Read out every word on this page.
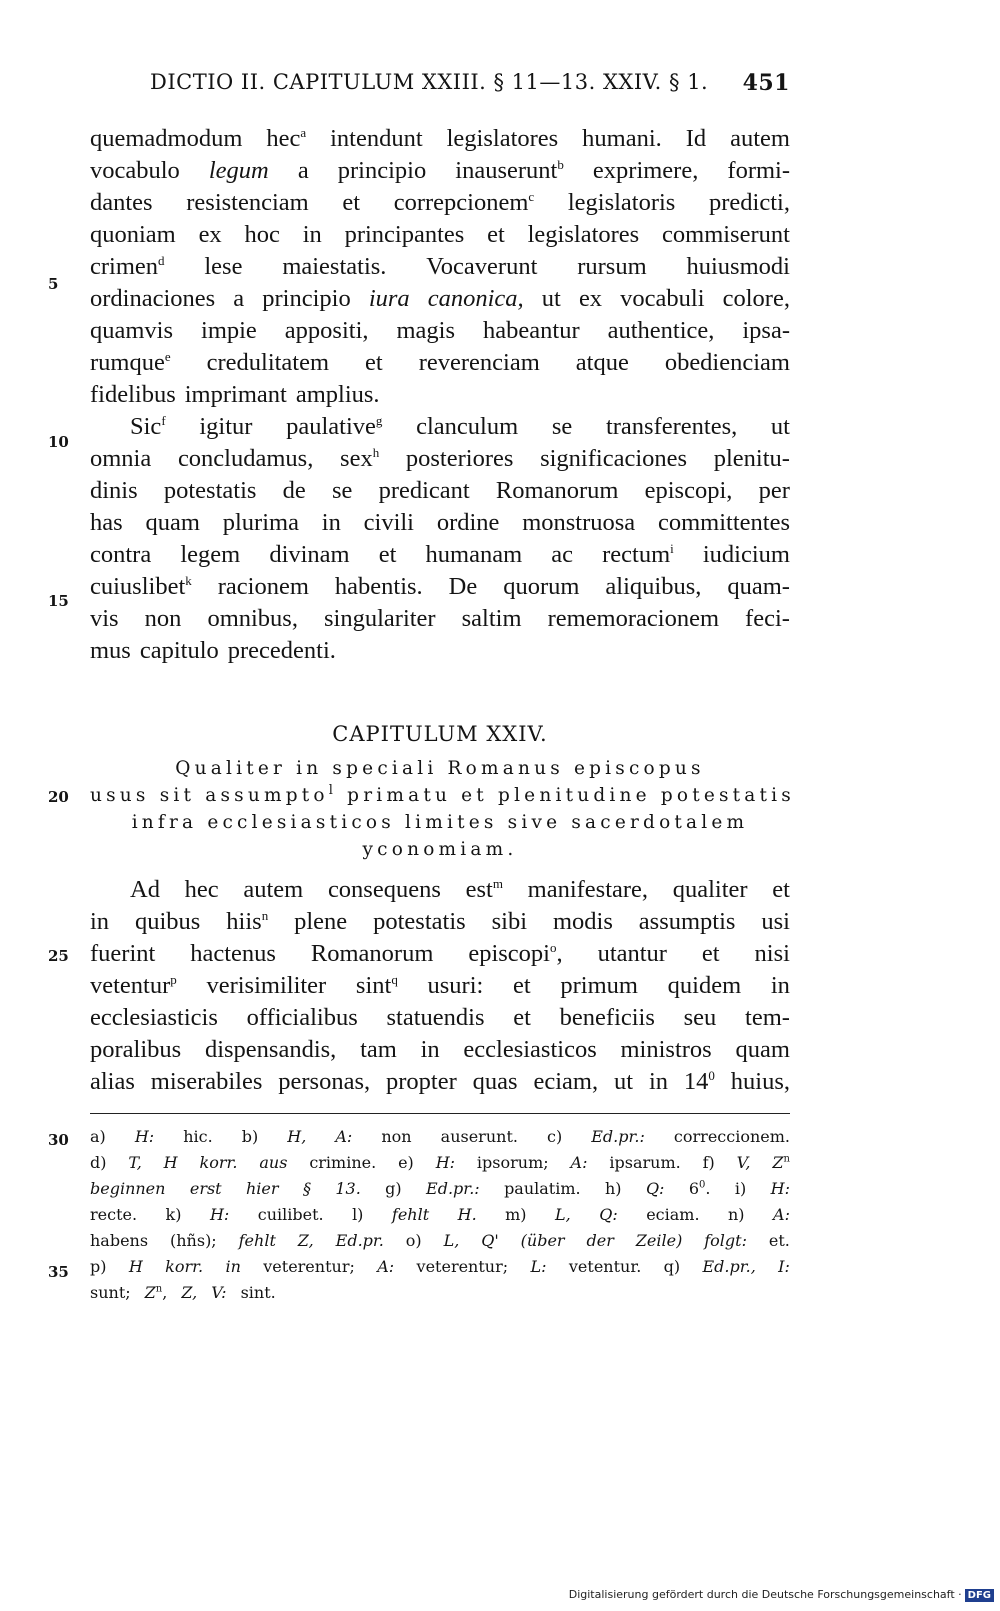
DICTIO II. CAPITULUM XXIII. § 11—13. XXIV. § 1. 451
5
10
15
20
25
30
35
quemadmodum hec$^a$ intendunt legislatores humani. Id autem
vocabulo legum a principio inauserunt$^b$ exprimere, formi-
dantes resistenciam et correpcionem$^c$ legislatoris predicti,
quoniam ex hoc in principantes et legislatores commiserunt
crimen$^d$ lese maiestatis. Vocaverunt rursum huiusmodi
ordinaciones a principio iura canonica, ut ex vocabuli colore,
quamvis impie appositi, magis habeantur authentice, ipsa-
rumque$^e$ credulitatem et reverenciam atque obedienciam
fidelibus imprimant amplius.
Sic$^f$ igitur paulative$^g$ clanculum se transferentes, ut
omnia concludamus, sex$^h$ posteriores significaciones plenitu-
dinis potestatis de se predicant Romanorum episcopi, per
has quam plurima in civili ordine monstruosa committentes
contra legem divinam et humanam ac rectum$^i$ iudicium
cuiuslibet$^k$ racionem habentis. De quorum aliquibus, quam-
vis non omnibus, singulariter saltim rememoracionem feci-
mus capitulo precedenti.
CAPITULUM XXIV.
Qualiter in speciali Romanus episcopus
usus sit assumpto$^l$ primatu et plenitudine potestatis
infra ecclesiasticos limites sive sacerdotalem
yconomiam.
Ad hec autem consequens est$^m$ manifestare, qualiter et
in quibus hiis$^n$ plene potestatis sibi modis assumptis usi
fuerint hactenus Romanorum episcopi$^o$, utantur et nisi
vetentur$^p$ verisimiliter sint$^q$ usuri: et primum quidem in
ecclesiasticis officialibus statuendis et beneficiis seu tem-
poralibus dispensandis, tam in ecclesiasticos ministros quam
alias miserabiles personas, propter quas eciam, ut in $14^0$ huius,
a) H: hic. b) H, A: non auserunt. c) Ed.pr.: correccionem.
d) T, H korr. aus crimine. e) H: ipsorum; A: ipsarum. f) V, $Z^n$
beginnen erst hier § 13. g) Ed.pr.: paulatim. h) Q: $6^0$. i) H:
recte. k) H: cuilibet. l) fehlt H. m) L, Q: eciam. n) A:
habens (hñs); fehlt Z, Ed.pr. o) L, Q' (über der Zeile) folgt: et.
p) H korr. in veterentur; A: veterentur; L: vetentur. q) Ed.pr., I:
sunt; $Z^n$, Z, V: sint.
Digitalisierung gefördert durch die Deutsche Forschungsgemeinschaft · DFG
